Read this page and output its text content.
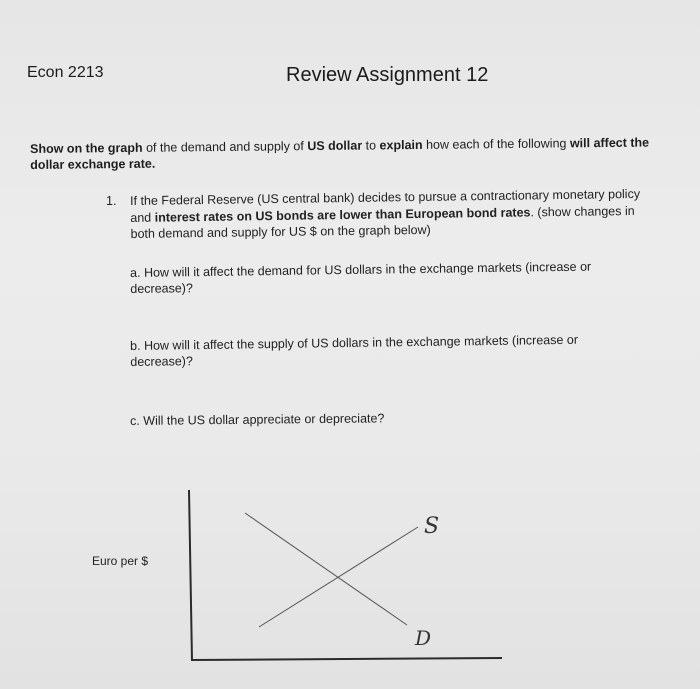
Econ 2213	Review Assignment 12
Show on the graph of the demand and supply of US dollar to explain how each of the following will affect the dollar exchange rate.
1. If the Federal Reserve (US central bank) decides to pursue a contractionary monetary policy and interest rates on US bonds are lower than European bond rates. (show changes in both demand and supply for US $ on the graph below)
a. How will it affect the demand for US dollars in the exchange markets (increase or decrease)?
b. How will it affect the supply of US dollars in the exchange markets (increase or decrease)?
c. Will the US dollar appreciate or depreciate?
Euro per $
S
D
